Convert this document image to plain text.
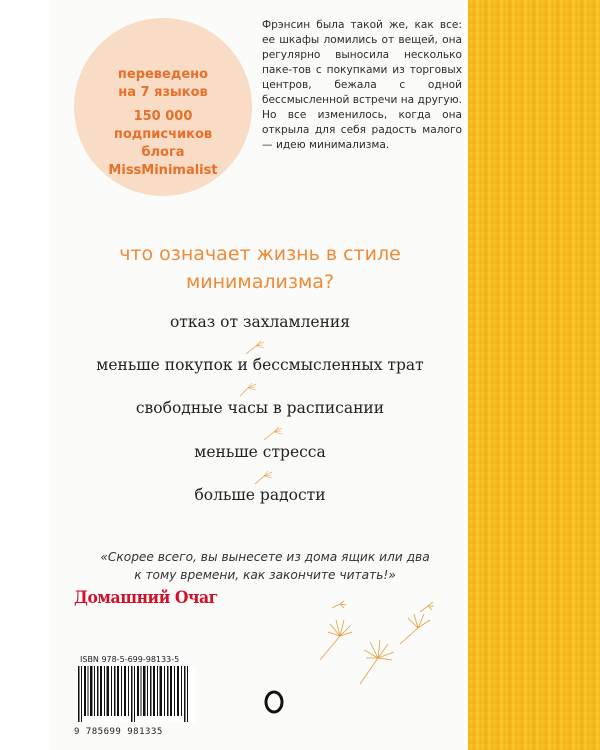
переведено
на 7 языков
150 000
подписчиков
блога
MissMinimalist
Фрэнсин была такой же, как все: ее шкафы ломились от вещей, она регулярно выносила несколько паке-тов с покупками из торговых центров, бежала с одной бессмысленной встречи на другую. Но все изменилось, когда она открыла для себя радость малого — идею минимализма.
что означает жизнь в стиле
минимализма?
отказ от захламления
меньше покупок и бессмысленных трат
свободные часы в расписании
меньше стресса
больше радости
«Скорее всего, вы вынесете из дома ящик или два
к тому времени, как закончите читать!»
Домашний Очаг
ISBN 978-5-699-98133-5
9 785699 981335
